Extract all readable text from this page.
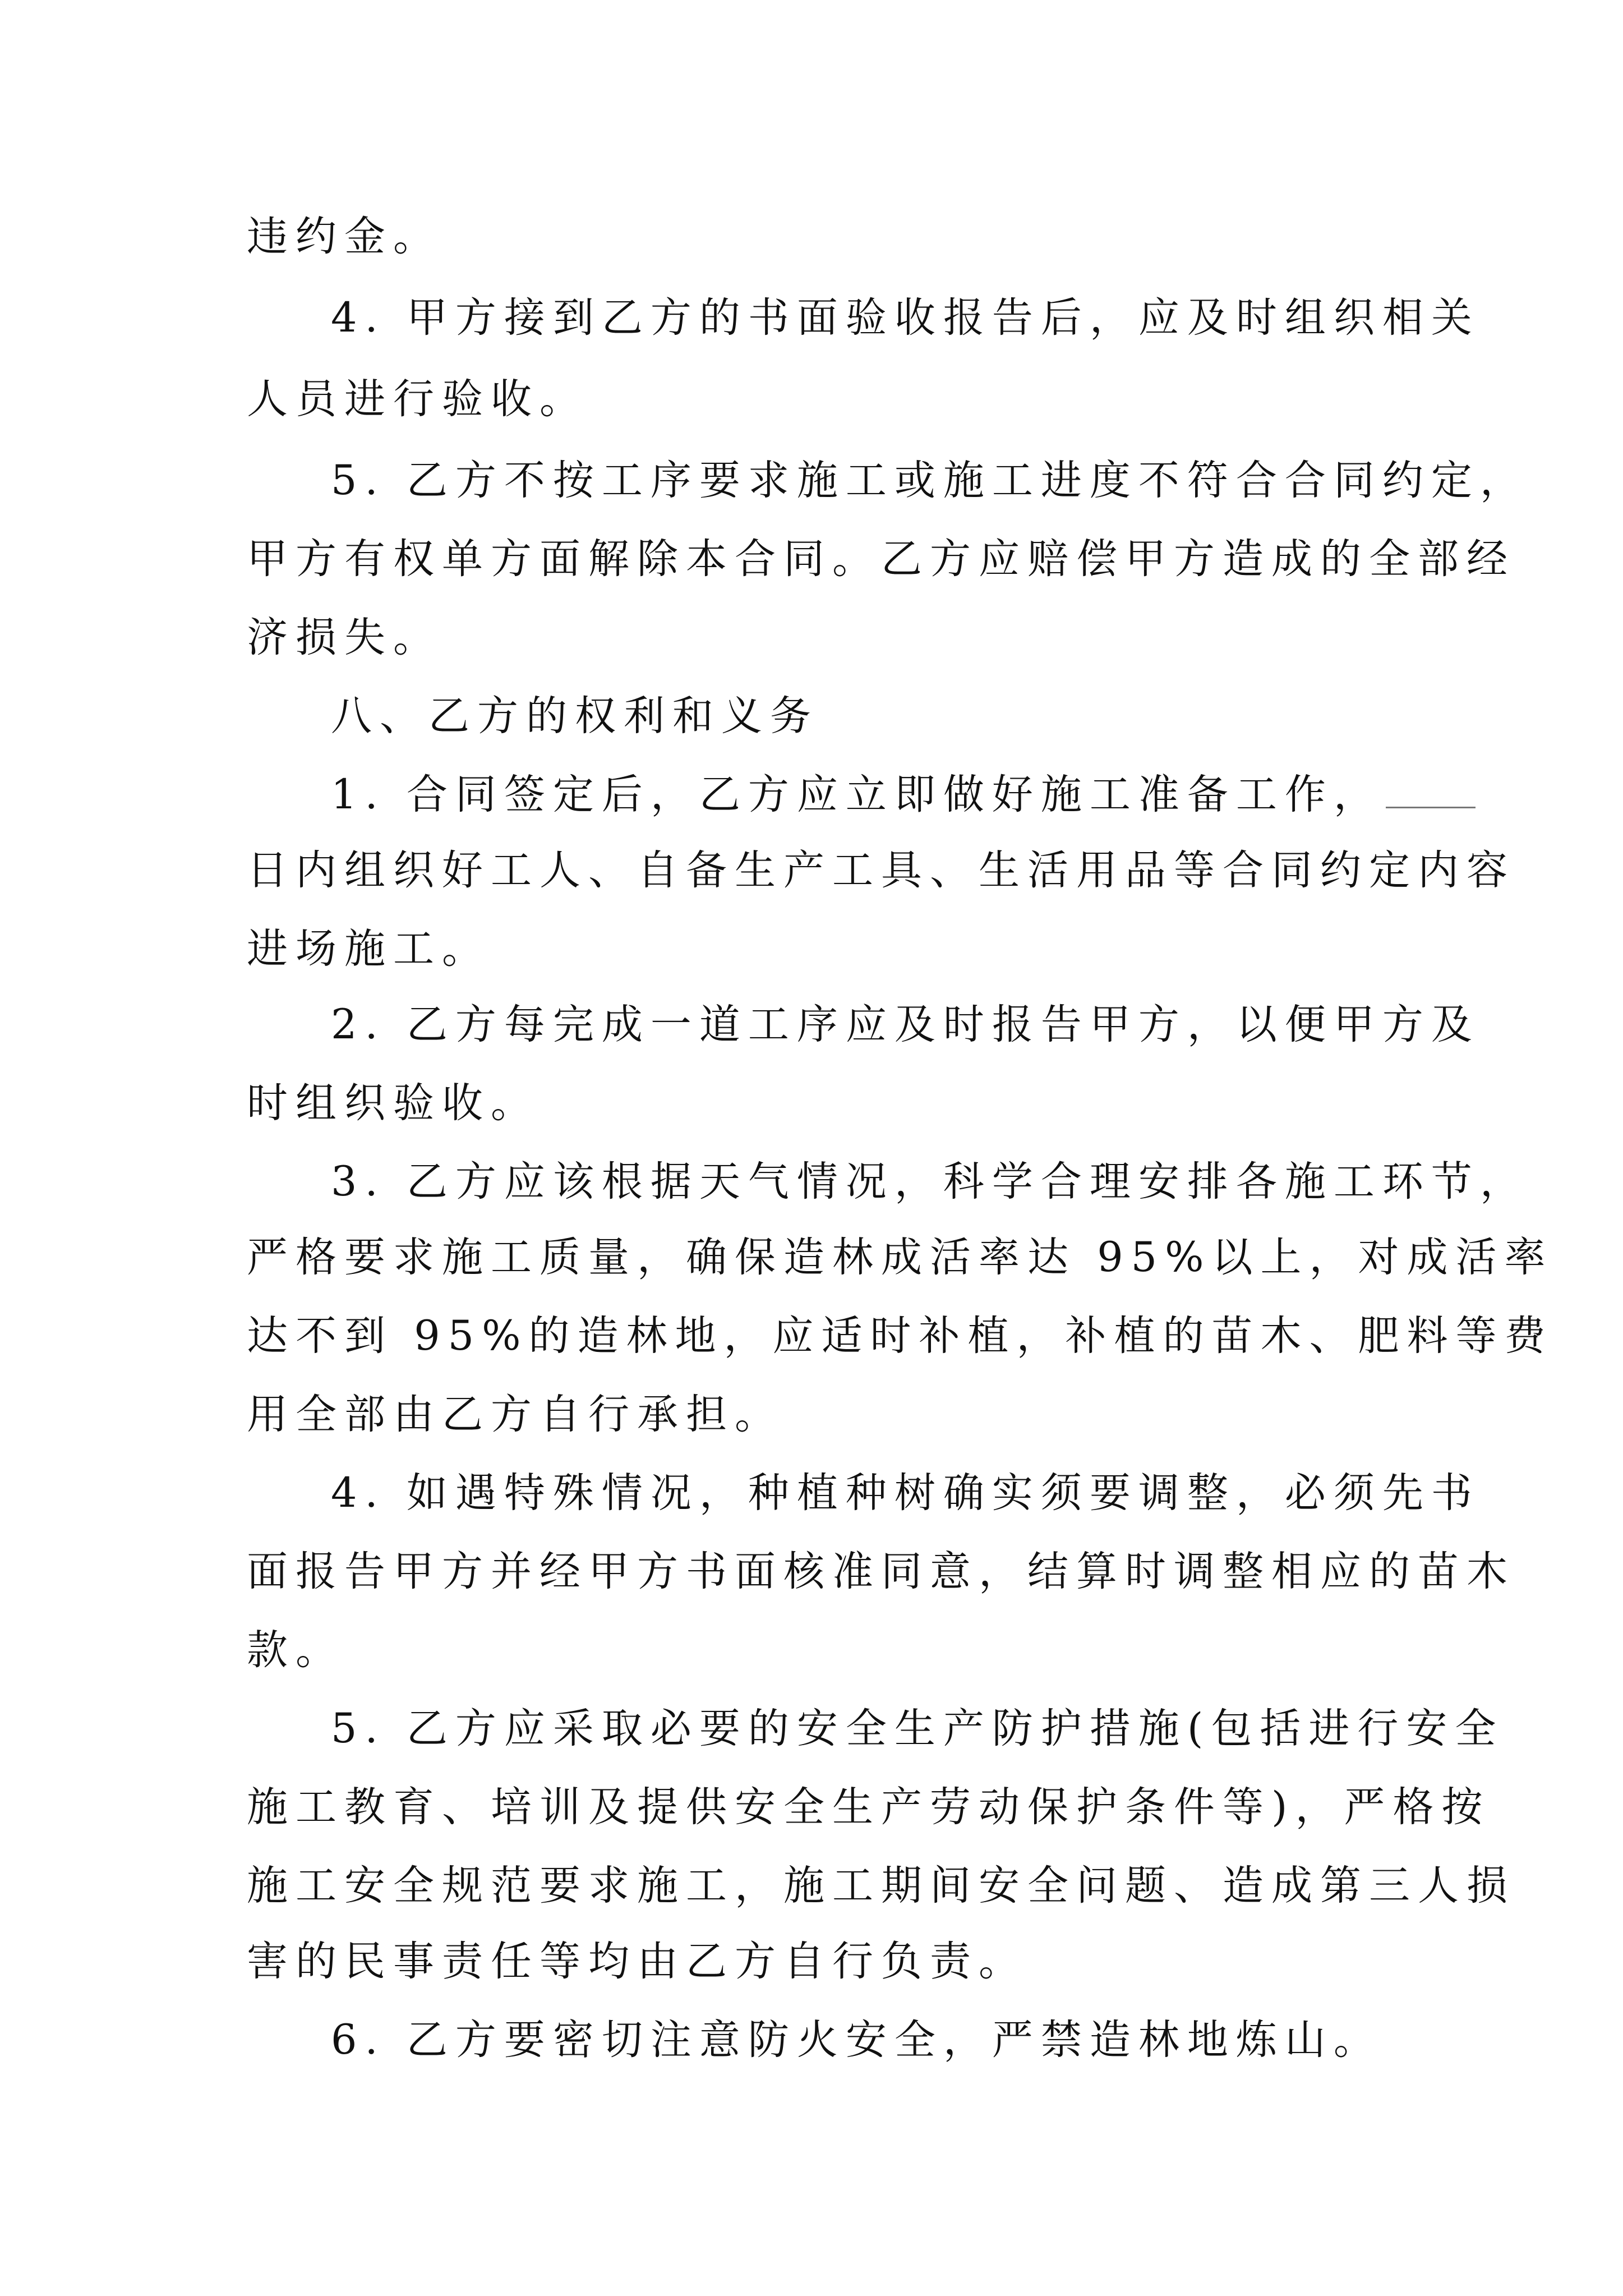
违约金。
4. 甲方接到乙方的书面验收报告后，应及时组织相关
人员进行验收。
5. 乙方不按工序要求施工或施工进度不符合合同约定，
甲方有权单方面解除本合同。乙方应赔偿甲方造成的全部经
济损失。
八、乙方的权利和义务
1. 合同签定后，乙方应立即做好施工准备工作，
日内组织好工人、自备生产工具、生活用品等合同约定内容
进场施工。
2. 乙方每完成一道工序应及时报告甲方，以便甲方及
时组织验收。
3. 乙方应该根据天气情况，科学合理安排各施工环节，
严格要求施工质量，确保造林成活率达 95%以上，对成活率
达不到 95%的造林地，应适时补植，补植的苗木、肥料等费
用全部由乙方自行承担。
4. 如遇特殊情况，种植种树确实须要调整，必须先书
面报告甲方并经甲方书面核准同意，结算时调整相应的苗木
款。
5. 乙方应采取必要的安全生产防护措施(包括进行安全
施工教育、培训及提供安全生产劳动保护条件等)，严格按
施工安全规范要求施工，施工期间安全问题、造成第三人损
害的民事责任等均由乙方自行负责。
6. 乙方要密切注意防火安全，严禁造林地炼山。
